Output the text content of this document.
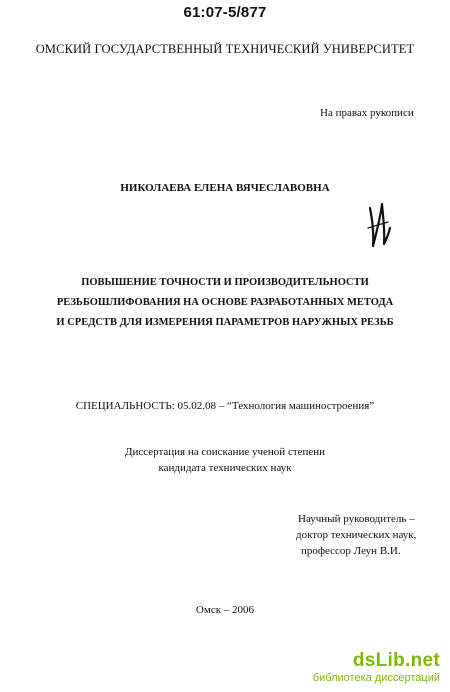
61:07-5/877
ОМСКИЙ ГОСУДАРСТВЕННЫЙ ТЕХНИЧЕСКИЙ УНИВЕРСИТЕТ
На правах рукописи
НИКОЛАЕВА ЕЛЕНА ВЯЧЕСЛАВОВНА
ПОВЫШЕНИЕ ТОЧНОСТИ И ПРОИЗВОДИТЕЛЬНОСТИ
РЕЗЬБОШЛИФОВАНИЯ НА ОСНОВЕ РАЗРАБОТАННЫХ МЕТОДА
И СРЕДСТВ ДЛЯ ИЗМЕРЕНИЯ ПАРАМЕТРОВ НАРУЖНЫХ РЕЗЬБ
СПЕЦИАЛЬНОСТЬ: 05.02.08 – “Технология машиностроения”
Диссертация на соискание ученой степени
кандидата технических наук
Научный руководитель –
доктор технических наук,
профессор Леун В.И.
Омск – 2006
dsLib.net
библиотека диссертаций
